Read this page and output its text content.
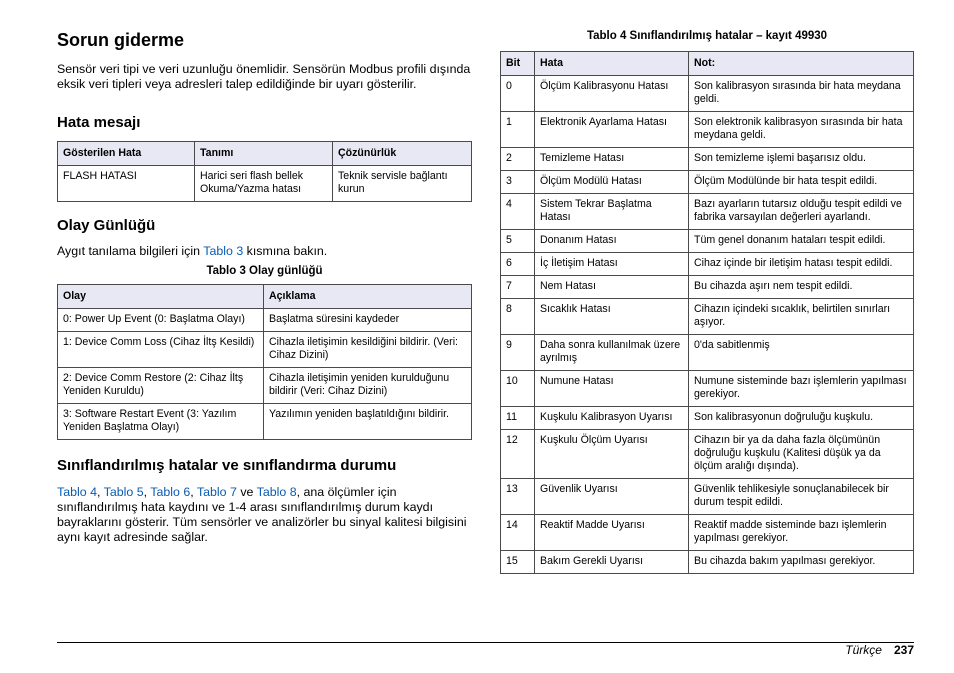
Sorun giderme

Sensör veri tipi ve veri uzunluğu önemlidir. Sensörün Modbus profili dışında eksik veri tipleri veya adresleri talep edildiğinde bir uyarı gösterilir.

Hata mesajı
Gösterilen Hata	Tanımı	Çözünürlük
FLASH HATASI	Harici seri flash bellek Okuma/Yazma hatası	Teknik servisle bağlantı kurun
Olay Günlüğü

Aygıt tanılama bilgileri için Tablo 3 kısmına bakın.

Tablo 3 Olay günlüğü
Olay	Açıklama
0: Power Up Event (0: Başlatma Olayı)	Başlatma süresini kaydeder
1: Device Comm Loss (Cihaz İltş Kesildi)	Cihazla iletişimin kesildiğini bildirir. (Veri: Cihaz Dizini)
2: Device Comm Restore (2: Cihaz İltş Yeniden Kuruldu)	Cihazla iletişimin yeniden kurulduğunu bildirir (Veri: Cihaz Dizini)
3: Software Restart Event (3: Yazılım Yeniden Başlatma Olayı)	Yazılımın yeniden başlatıldığını bildirir.
Sınıflandırılmış hatalar ve sınıflandırma durumu

Tablo 4, Tablo 5, Tablo 6, Tablo 7 ve Tablo 8, ana ölçümler için sınıflandırılmış hata kaydını ve 1-4 arası sınıflandırılmış durum kaydı bayraklarını gösterir. Tüm sensörler ve analizörler bu sinyal kalitesi bilgisini aynı kayıt adresinde sağlar.

Tablo 4 Sınıflandırılmış hatalar – kayıt 49930
Bit	Hata	Not:
0	Ölçüm Kalibrasyonu Hatası	Son kalibrasyon sırasında bir hata meydana geldi.
1	Elektronik Ayarlama Hatası	Son elektronik kalibrasyon sırasında bir hata meydana geldi.
2	Temizleme Hatası	Son temizleme işlemi başarısız oldu.
3	Ölçüm Modülü Hatası	Ölçüm Modülünde bir hata tespit edildi.
4	Sistem Tekrar Başlatma Hatası	Bazı ayarların tutarsız olduğu tespit edildi ve fabrika varsayılan değerleri ayarlandı.
5	Donanım Hatası	Tüm genel donanım hataları tespit edildi.
6	İç İletişim Hatası	Cihaz içinde bir iletişim hatası tespit edildi.
7	Nem Hatası	Bu cihazda aşırı nem tespit edildi.
8	Sıcaklık Hatası	Cihazın içindeki sıcaklık, belirtilen sınırları aşıyor.
9	Daha sonra kullanılmak üzere ayrılmış	0'da sabitlenmiş
10	Numune Hatası	Numune sisteminde bazı işlemlerin yapılması gerekiyor.
11	Kuşkulu Kalibrasyon Uyarısı	Son kalibrasyonun doğruluğu kuşkulu.
12	Kuşkulu Ölçüm Uyarısı	Cihazın bir ya da daha fazla ölçümünün doğruluğu kuşkulu (Kalitesi düşük ya da ölçüm aralığı dışında).
13	Güvenlik Uyarısı	Güvenlik tehlikesiyle sonuçlanabilecek bir durum tespit edildi.
14	Reaktif Madde Uyarısı	Reaktif madde sisteminde bazı işlemlerin yapılması gerekiyor.
15	Bakım Gerekli Uyarısı	Bu cihazda bakım yapılması gerekiyor.
Türkçe 237
